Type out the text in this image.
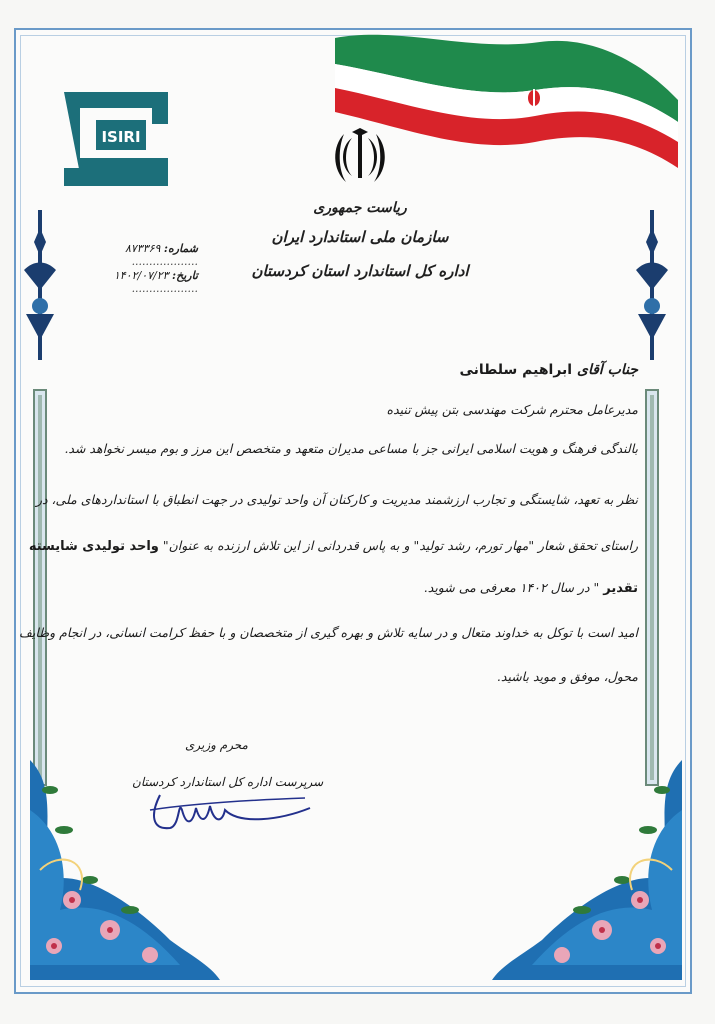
ISIRI
ریاست جمهوری
سازمان ملی استاندارد ایران
اداره کل استاندارد استان کردستان
شماره: ۸۷۳۳۶۹
...................
تاریخ: ۱۴۰۲/۰۷/۲۳
...................
جناب آقای ابراهیم سلطانی
مدیرعامل محترم شرکت مهندسی بتن پیش تنیده
بالندگی فرهنگ و هویت اسلامی ایرانی جز با مساعی مدیران متعهد و متخصص این مرز و بوم میسر نخواهد شد.
نظر به تعهد، شایستگی و تجارب ارزشمند مدیریت و کارکنان آن واحد تولیدی در جهت انطباق با استانداردهای ملی، در
راستای تحقق شعار "مهار تورم، رشد تولید" و به پاس قدردانی از این تلاش ارزنده به عنوان" واحد تولیدی شایسته
تقدیر " در سال ۱۴۰۲ معرفی می شوید.
امید است با توکل به خداوند متعال و در سایه تلاش و بهره گیری از متخصصان و با حفظ کرامت انسانی، در انجام وظایف
محول، موفق و موید باشید.
محرم وزیری
سرپرست اداره کل استاندارد کردستان
